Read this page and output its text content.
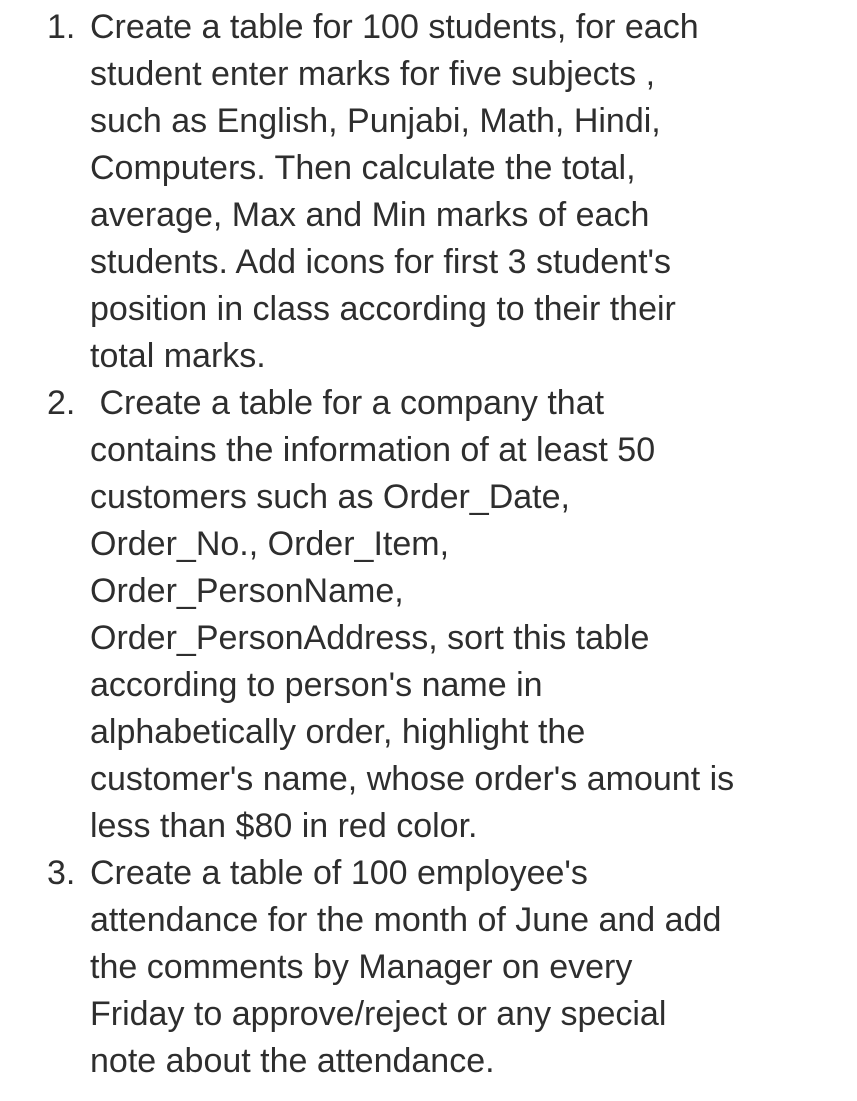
1. Create a table for 100 students, for each
student enter marks for five subjects ,
such as English, Punjabi, Math, Hindi,
Computers. Then calculate the total,
average, Max and Min marks of each
students. Add icons for first 3 student's
position in class according to their their
total marks.
2. Create a table for a company that
contains the information of at least 50
customers such as Order_Date,
Order_No., Order_Item,
Order_PersonName,
Order_PersonAddress, sort this table
according to person's name in
alphabetically order, highlight the
customer's name, whose order's amount is
less than $80 in red color.
3. Create a table of 100 employee's
attendance for the month of June and add
the comments by Manager on every
Friday to approve/reject or any special
note about the attendance.
